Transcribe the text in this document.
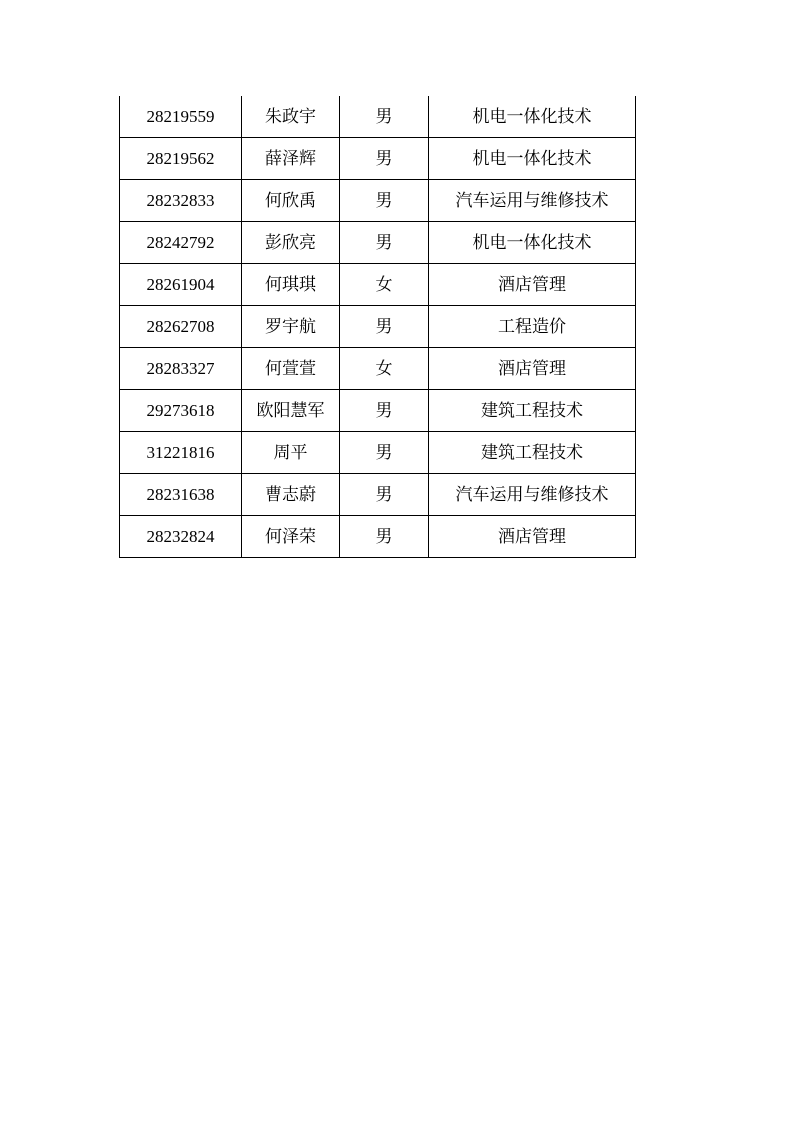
28219559	朱政宇	男	机电一体化技术
28219562	薛泽辉	男	机电一体化技术
28232833	何欣禹	男	汽车运用与维修技术
28242792	彭欣亮	男	机电一体化技术
28261904	何琪琪	女	酒店管理
28262708	罗宇航	男	工程造价
28283327	何萱萱	女	酒店管理
29273618	欧阳慧军	男	建筑工程技术
31221816	周平	男	建筑工程技术
28231638	曹志蔚	男	汽车运用与维修技术
28232824	何泽荣	男	酒店管理
